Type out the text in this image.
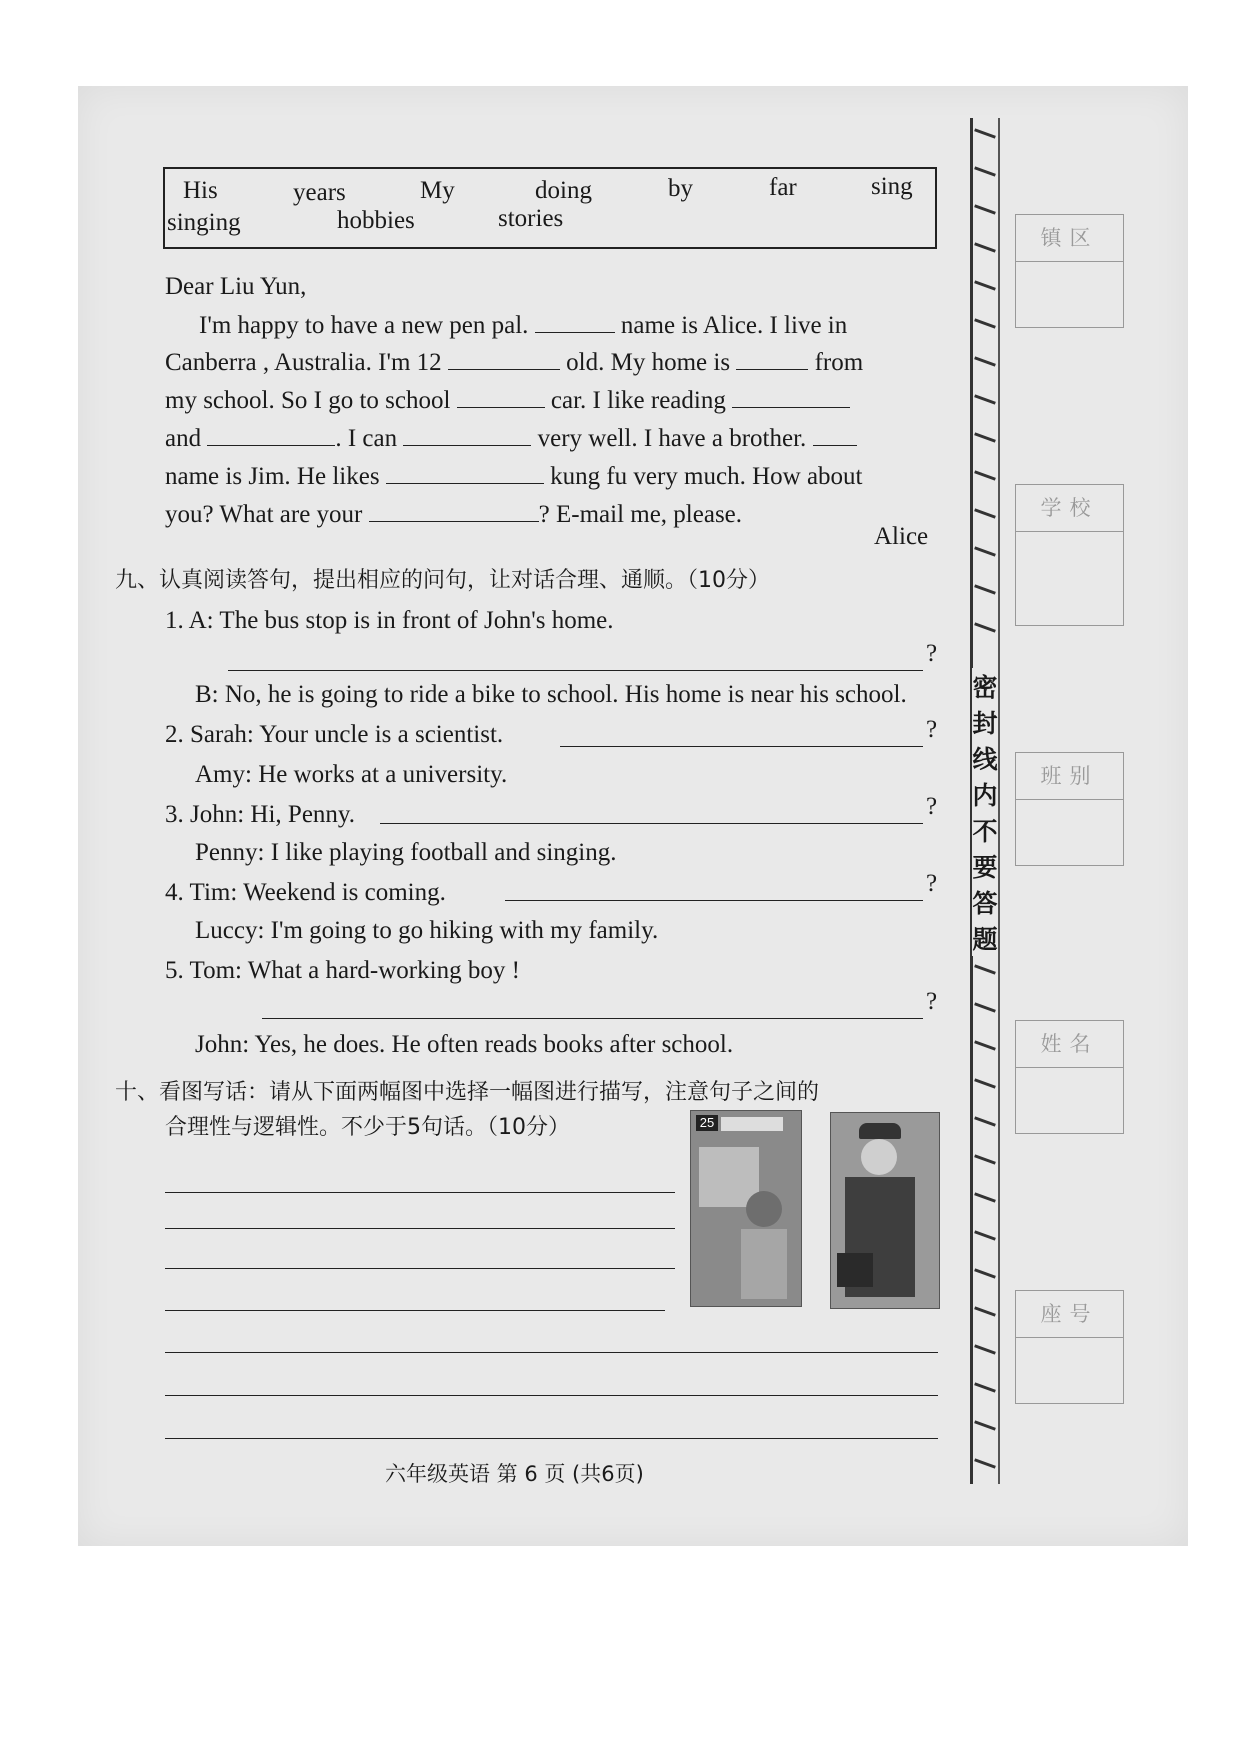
His	years	My	doing	by	far	sing
singing	hobbies	stories
Dear Liu Yun,
I'm happy to have a new pen pal.	name is Alice. I live in
Canberra , Australia. I'm 12	old. My home is	from
my school. So I go to school	car. I like reading
and	. I can	very well. I have a brother.
name is Jim. He likes	kung fu very much. How about
you? What are your	? E-mail me, please.
Alice
九、认真阅读答句，提出相应的问句，让对话合理、通顺。（10分）
1. A: The bus stop is in front of John's home.
?
B: No, he is going to ride a bike to school. His home is near his school.
2. Sarah: Your uncle is a scientist.	?
Amy: He works at a university.
3. John: Hi, Penny.	?
Penny: I like playing football and singing.
4. Tim: Weekend is coming.	?
Luccy: I'm going to go hiking with my family.
5. Tom: What a hard-working boy !
?
John: Yes, he does. He often reads books after school.
十、看图写话：请从下面两幅图中选择一幅图进行描写，注意句子之间的
合理性与逻辑性。不少于5句话。（10分）	25
六年级英语 第 6 页 (共6页)
密
封
线
内
不
要
答
题
镇区
学校
班别
姓名
座号
